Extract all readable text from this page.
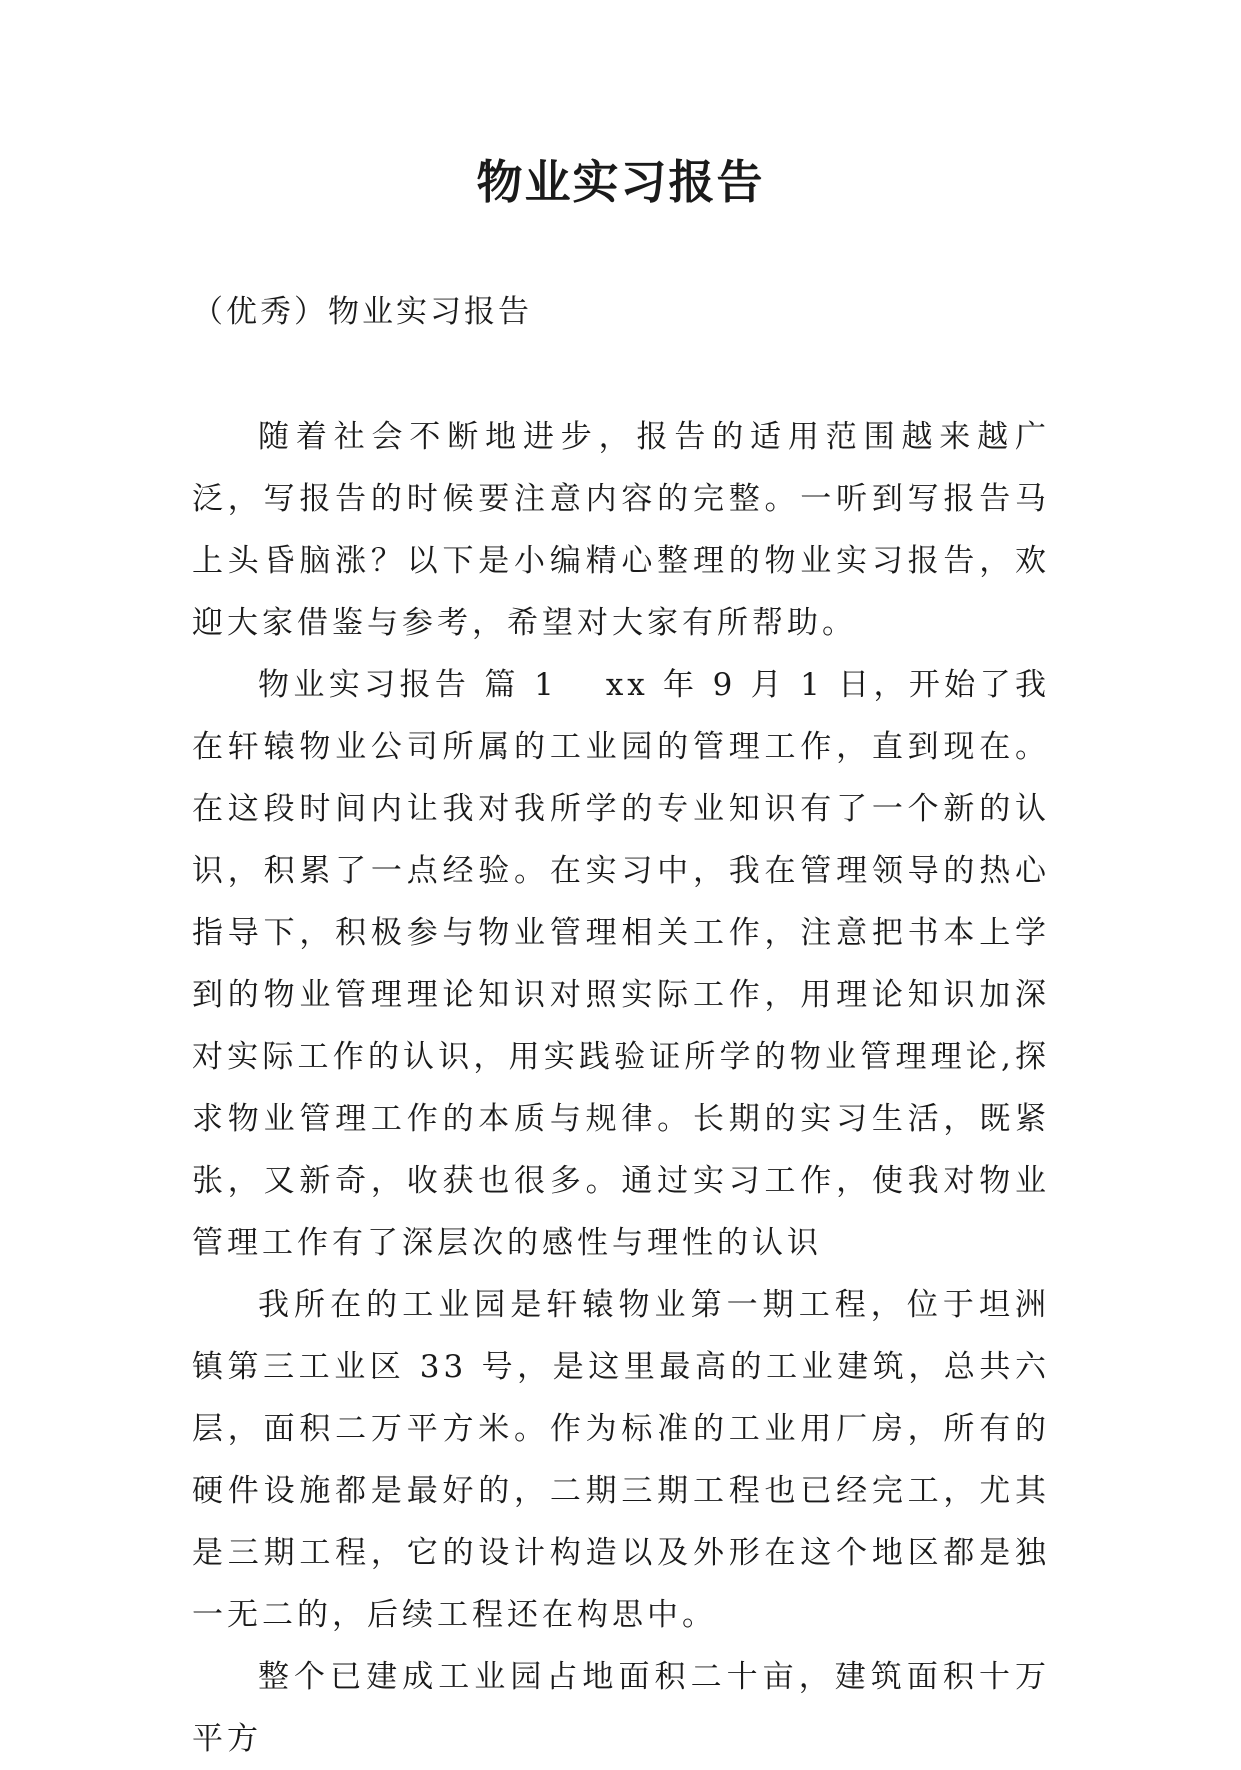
物业实习报告

（优秀）物业实习报告

随着社会不断地进步，报告的适用范围越来越广泛，写报告的时候要注意内容的完整。一听到写报告马上头昏脑涨？以下是小编精心整理的物业实习报告，欢迎大家借鉴与参考，希望对大家有所帮助。

物业实习报告 篇 1 xx 年 9 月 1 日，开始了我在轩辕物业公司所属的工业园的管理工作，直到现在。在这段时间内让我对我所学的专业知识有了一个新的认识，积累了一点经验。在实习中，我在管理领导的热心指导下，积极参与物业管理相关工作，注意把书本上学到的物业管理理论知识对照实际工作，用理论知识加深对实际工作的认识，用实践验证所学的物业管理理论,探求物业管理工作的本质与规律。长期的实习生活，既紧张，又新奇，收获也很多。通过实习工作，使我对物业管理工作有了深层次的感性与理性的认识

我所在的工业园是轩辕物业第一期工程，位于坦洲镇第三工业区 33 号，是这里最高的工业建筑，总共六层，面积二万平方米。作为标准的工业用厂房，所有的硬件设施都是最好的，二期三期工程也已经完工，尤其是三期工程，它的设计构造以及外形在这个地区都是独一无二的，后续工程还在构思中。

整个已建成工业园占地面积二十亩，建筑面积十万平方
